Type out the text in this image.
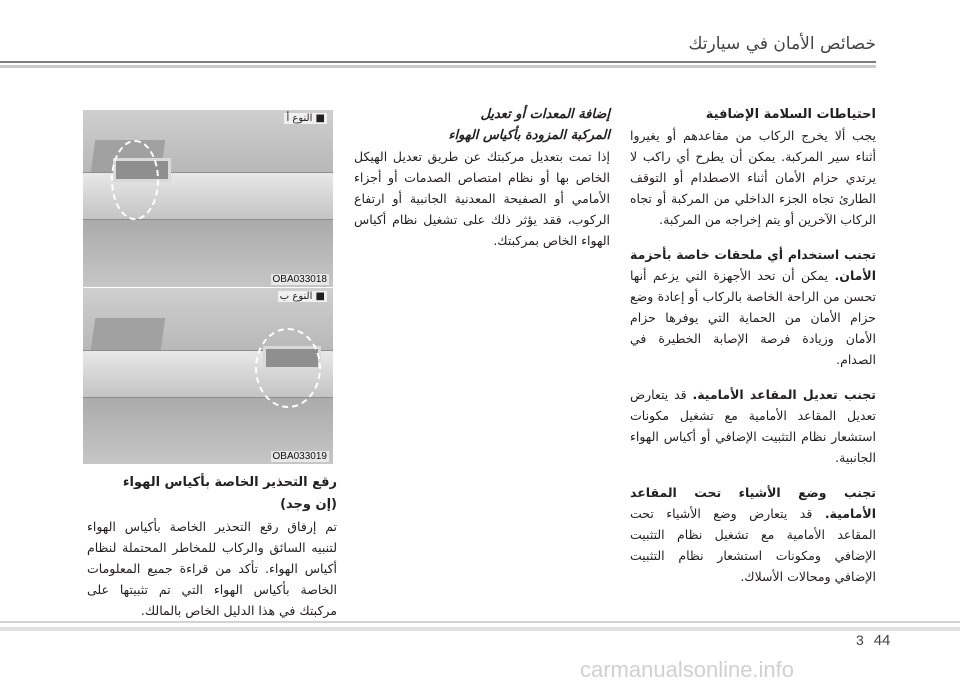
خصائص الأمان في سيارتك
احتياطات السلامة الإضافية

يجب ألا يخرج الركاب من مقاعدهم أو يغيروا أثناء سير المركبة. يمكن أن يطرح أي راكب لا يرتدي حزام الأمان أثناء الاصطدام أو التوقف الطارئ تجاه الجزء الداخلي من المركبة أو تجاه الركاب الآخرين أو يتم إخراجه من المركبة.

تجنب استخدام أي ملحقات خاصة بأحزمة الأمان. يمكن أن تحد الأجهزة التي يزعم أنها تحسن من الراحة الخاصة بالركاب أو إعادة وضع حزام الأمان من الحماية التي يوفرها حزام الأمان وزيادة فرصة الإصابة الخطيرة في الصدام.

تجنب تعديل المقاعد الأمامية. قد يتعارض تعديل المقاعد الأمامية مع تشغيل مكونات استشعار نظام التثبيت الإضافي أو أكياس الهواء الجانبية.

تجنب وضع الأشياء تحت المقاعد الأمامية. قد يتعارض وضع الأشياء تحت المقاعد الأمامية مع تشغيل نظام التثبيت الإضافي ومكونات استشعار نظام التثبيت الإضافي ومحالات الأسلاك.

إضافة المعدات أو تعديل
المركبة المزودة بأكياس الهواء

إذا تمت بتعديل مركبتك عن طريق تعديل الهيكل الخاص بها أو نظام امتصاص الصدمات أو أجزاء الأمامي أو الصفيحة المعدنية الجانبية أو ارتفاع الركوب، فقد يؤثر ذلك على تشغيل نظام أكياس الهواء الخاص بمركبتك.

■ النوع أ
OBA033018
■ النوع ب
OBA033019
رقع التحذير الخاصة بأكياس الهواء
(إن وجد)

تم إرفاق رقع التحذير الخاصة بأكياس الهواء لتنبيه السائق والركاب للمخاطر المحتملة لنظام أكياس الهواء. تأكد من قراءة جميع المعلومات الخاصة بأكياس الهواء التي تم تثبيتها على مركبتك في هذا الدليل الخاص بالمالك.

3 44
carmanualsonline.info
